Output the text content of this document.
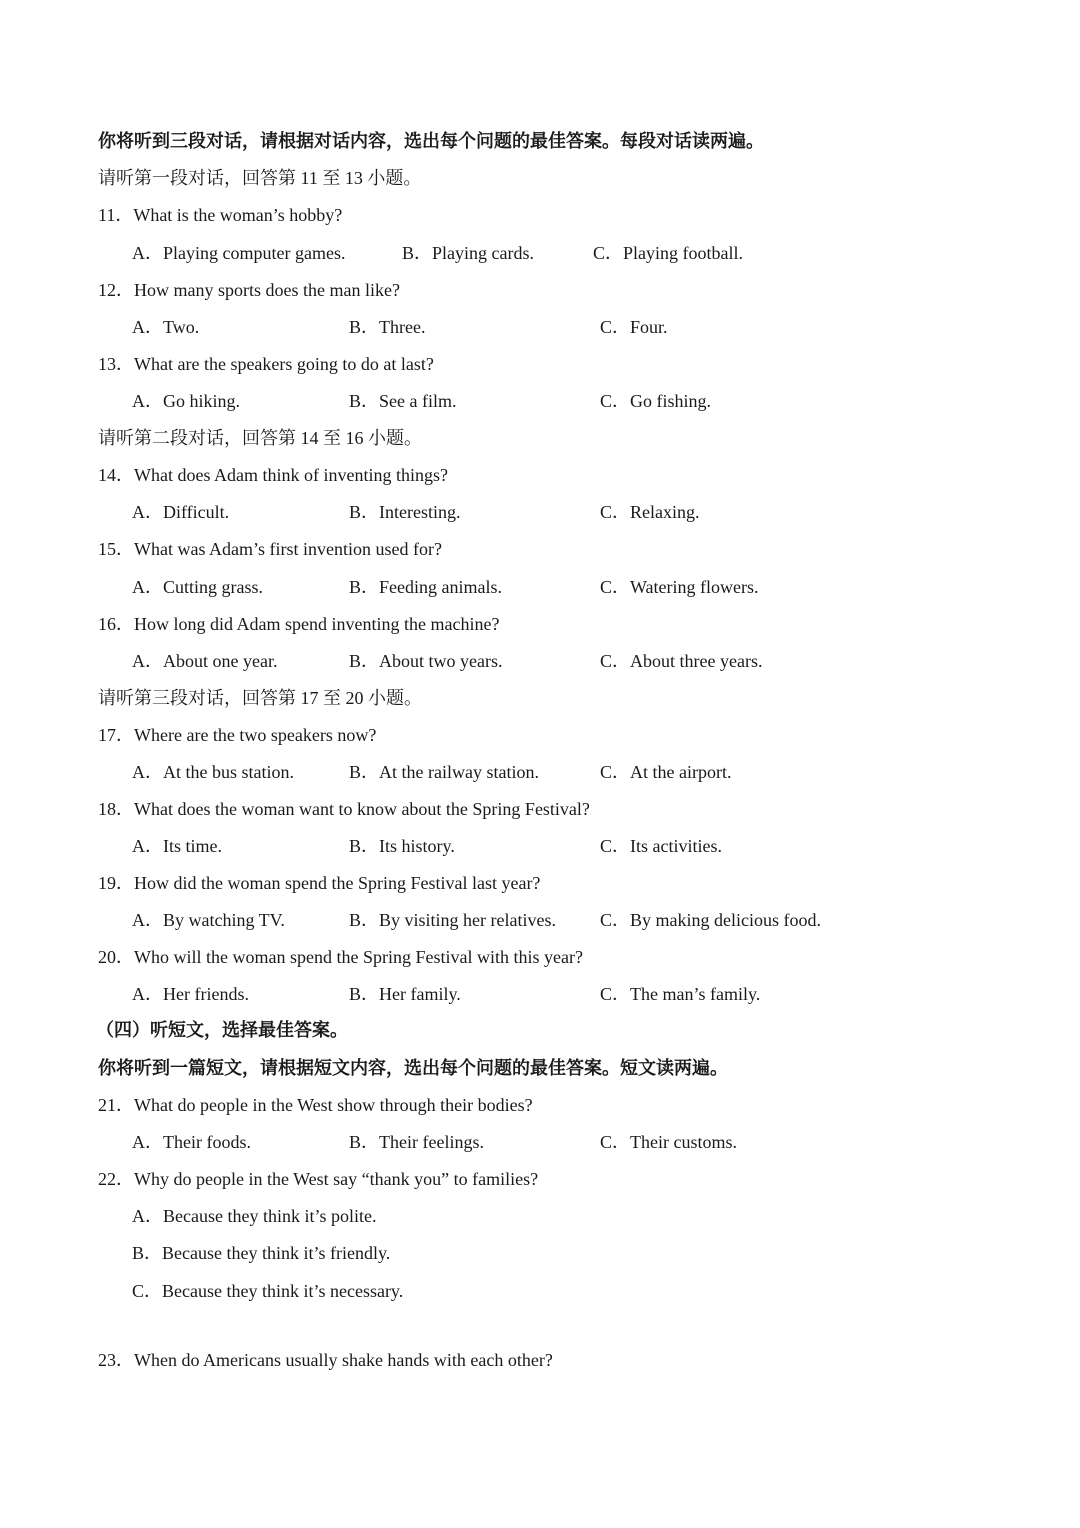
你将听到三段对话，请根据对话内容，选出每个问题的最佳答案。每段对话读两遍。
请听第一段对话，回答第 11 至 13 小题。
11．What is the woman’s hobby?
A．Playing computer games.	B．Playing cards.	C．Playing football.
12．How many sports does the man like?
A．Two.	B．Three.	C．Four.
13．What are the speakers going to do at last?
A．Go hiking.	B．See a film.	C．Go fishing.
请听第二段对话，回答第 14 至 16 小题。
14．What does Adam think of inventing things?
A．Difficult.	B．Interesting.	C．Relaxing.
15．What was Adam’s first invention used for?
A．Cutting grass.	B．Feeding animals.	C．Watering flowers.
16．How long did Adam spend inventing the machine?
A．About one year.	B．About two years.	C．About three years.
请听第三段对话，回答第 17 至 20 小题。
17．Where are the two speakers now?
A．At the bus station.	B．At the railway station.	C．At the airport.
18．What does the woman want to know about the Spring Festival?
A．Its time.	B．Its history.	C．Its activities.
19．How did the woman spend the Spring Festival last year?
A．By watching TV.	B．By visiting her relatives. C．By making delicious food.
20．Who will the woman spend the Spring Festival with this year?
A．Her friends.	B．Her family.	C．The man’s family.
（四）听短文，选择最佳答案。
你将听到一篇短文，请根据短文内容，选出每个问题的最佳答案。短文读两遍。
21．What do people in the West show through their bodies?
A．Their foods.	B．Their feelings.	C．Their customs.
22．Why do people in the West say “thank you” to families?
A．Because they think it’s polite.
B．Because they think it’s friendly.
C．Because they think it’s necessary.
23．When do Americans usually shake hands with each other?
